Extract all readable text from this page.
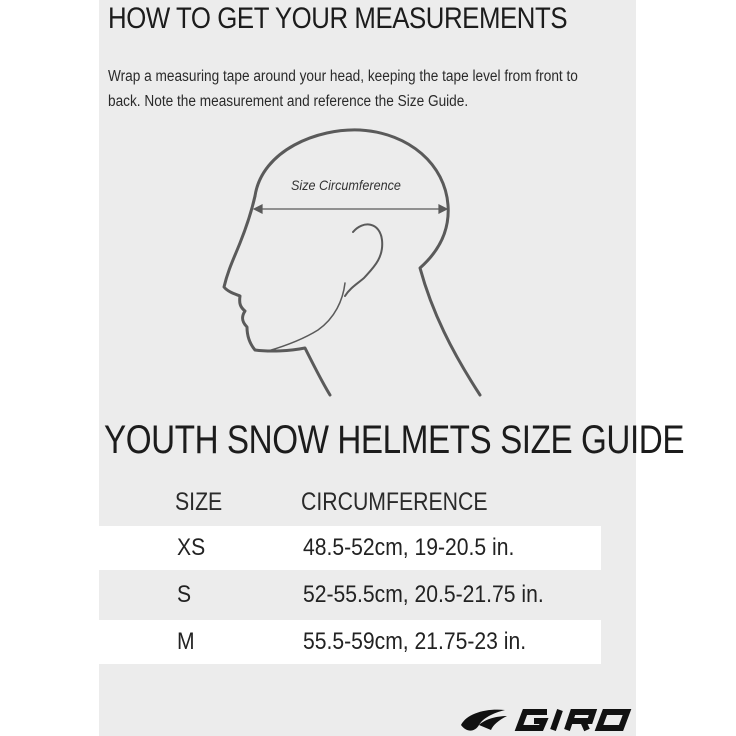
HOW TO GET YOUR MEASUREMENTS
Wrap a measuring tape around your head, keeping the tape level from front to back. Note the measurement and reference the Size Guide.
Size Circumference
YOUTH SNOW HELMETS SIZE GUIDE
SIZE	CIRCUMFERENCE
XS	48.5-52cm, 19-20.5 in.
S	52-55.5cm, 20.5-21.75 in.
M	55.5-59cm, 21.75-23 in.
